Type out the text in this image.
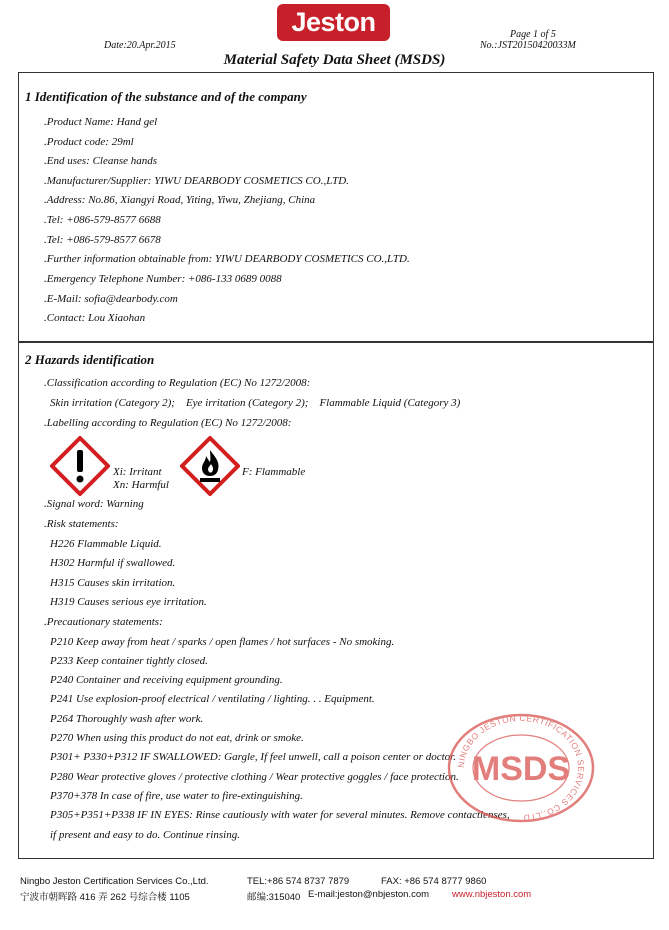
Jeston
Date:20.Apr.2015
Page 1 of 5
No.:JST20150420033M
Material Safety Data Sheet (MSDS)
1 Identification of the substance and of the company
.Product Name: Hand gel
.Product code: 29ml
.End uses: Cleanse hands
.Manufacturer/Supplier: YIWU DEARBODY COSMETICS CO.,LTD.
.Address: No.86, Xiangyi Road, Yiting, Yiwu, Zhejiang, China
.Tel: +086-579-8577 6688
.Tel: +086-579-8577 6678
.Further information obtainable from: YIWU DEARBODY COSMETICS CO.,LTD.
.Emergency Telephone Number: +086-133 0689 0088
.E-Mail: sofia@dearbody.com
.Contact: Lou Xiaohan
2 Hazards identification
.Classification according to Regulation (EC) No 1272/2008:
Skin irritation (Category 2);    Eye irritation (Category 2);    Flammable Liquid (Category 3)
.Labelling according to Regulation (EC) No 1272/2008:
Xi: Irritant
Xn: Harmful
F: Flammable
.Signal word: Warning
.Risk statements:
H226 Flammable Liquid.
H302 Harmful if swallowed.
H315 Causes skin irritation.
H319 Causes serious eye irritation.
.Precautionary statements:
P210 Keep away from heat / sparks / open flames / hot surfaces - No smoking.
P233 Keep container tightly closed.
P240 Container and receiving equipment grounding.
P241 Use explosion-proof electrical / ventilating / lighting. . . Equipment.
P264 Thoroughly wash after work.
P270 When using this product do not eat, drink or smoke.
P301+ P330+P312 IF SWALLOWED: Gargle, If feel unwell, call a poison center or doctor.
P280 Wear protective gloves / protective clothing / Wear protective goggles / face protection.
P370+378 In case of fire, use water to fire-extinguishing.
P305+P351+P338 IF IN EYES: Rinse cautiously with water for several minutes. Remove contactlenses,
if present and easy to do. Continue rinsing.
NINGBO JESTON CERTIFICATION SERVICES CO.,LTD
MSDS
Ningbo Jeston Certification Services Co.,Ltd.	TEL:+86 574 8737 7879	FAX: +86 574 8777 9860
宁波市朝晖路 416 弄 262 号综合楼 1105	邮编:315040 E-mail:jeston@nbjeston.com www.nbjeston.com
